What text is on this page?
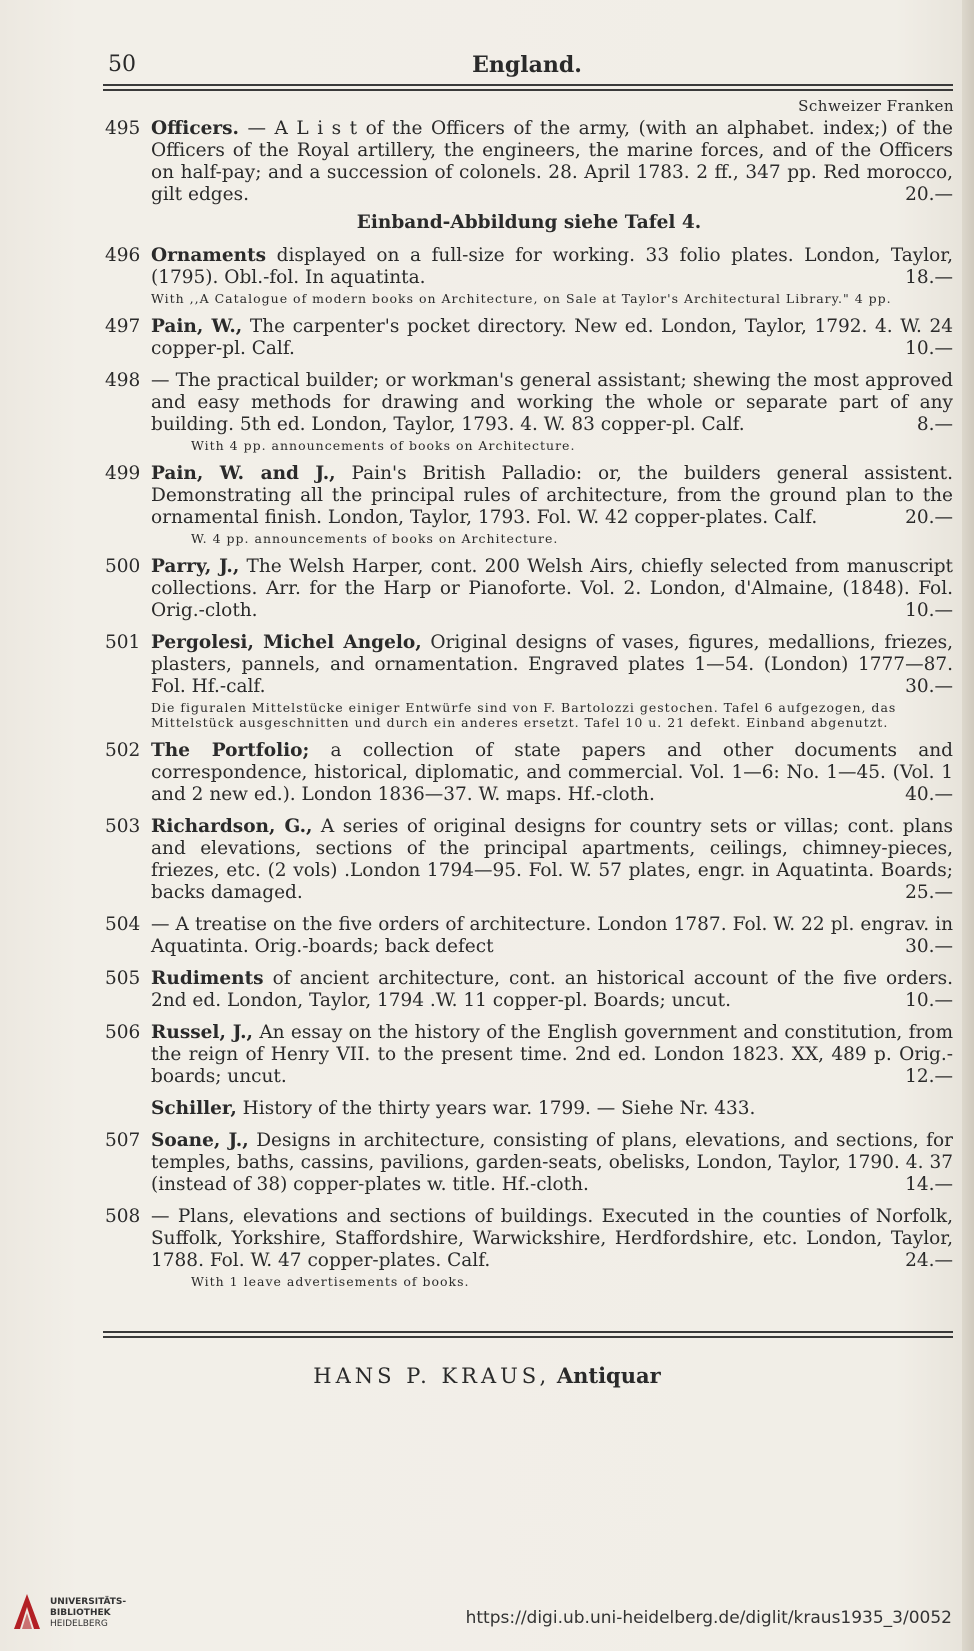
50	England.
Schweizer Franken
495 Officers. — A L i s t of the Officers of the army, (with an alphabet. index;) of the Officers of the Royal artillery, the engineers, the marine forces, and of the Officers on half-pay; and a succession of colonels. 28. April 1783. 2 ff., 347 pp. Red morocco, gilt edges.	20.—
Einband-Abbildung siehe Tafel 4.
496 Ornaments displayed on a full-size for working. 33 folio plates. London, Taylor, (1795). Obl.-fol. In aquatinta.	18.—
With ,,A Catalogue of modern books on Architecture, on Sale at Taylor's Architectural Library." 4 pp.
497 Pain, W., The carpenter's pocket directory. New ed. London, Taylor, 1792. 4. W. 24 copper-pl. Calf.	10.—
498 — The practical builder; or workman's general assistant; shewing the most approved and easy methods for drawing and working the whole or separate part of any building. 5th ed. London, Taylor, 1793. 4. W. 83 copper-pl. Calf.	8.—
With 4 pp. announcements of books on Architecture.
499 Pain, W. and J., Pain's British Palladio: or, the builders general assistent. Demonstrating all the principal rules of architecture, from the ground plan to the ornamental finish. London, Taylor, 1793. Fol. W. 42 copper-plates. Calf.	20.—
W. 4 pp. announcements of books on Architecture.
500 Parry, J., The Welsh Harper, cont. 200 Welsh Airs, chiefly selected from manuscript collections. Arr. for the Harp or Pianoforte. Vol. 2. London, d'Almaine, (1848). Fol. Orig.-cloth.	10.—
501 Pergolesi, Michel Angelo, Original designs of vases, figures, medallions, friezes, plasters, pannels, and ornamentation. Engraved plates 1—54. (London) 1777—87. Fol. Hf.-calf.	30.—
Die figuralen Mittelstücke einiger Entwürfe sind von F. Bartolozzi gestochen. Tafel 6 aufgezogen, das Mittelstück ausgeschnitten und durch ein anderes ersetzt. Tafel 10 u. 21 defekt. Einband abgenutzt.
502 The Portfolio; a collection of state papers and other documents and correspondence, historical, diplomatic, and commercial. Vol. 1—6: No. 1—45. (Vol. 1 and 2 new ed.). London 1836—37. W. maps. Hf.-cloth.	40.—
503 Richardson, G., A series of original designs for country sets or villas; cont. plans and elevations, sections of the principal apartments, ceilings, chimney-pieces, friezes, etc. (2 vols) .London 1794—95. Fol. W. 57 plates, engr. in Aquatinta. Boards; backs damaged.	25.—
504 — A treatise on the five orders of architecture. London 1787. Fol. W. 22 pl. engrav. in Aquatinta. Orig.-boards; back defect	30.—
505 Rudiments of ancient architecture, cont. an historical account of the five orders. 2nd ed. London, Taylor, 1794 .W. 11 copper-pl. Boards; uncut.	10.—
506 Russel, J., An essay on the history of the English government and constitution, from the reign of Henry VII. to the present time. 2nd ed. London 1823. XX, 489 p. Orig.-boards; uncut.	12.—
Schiller, History of the thirty years war. 1799. — Siehe Nr. 433.
507 Soane, J., Designs in architecture, consisting of plans, elevations, and sections, for temples, baths, cassins, pavilions, garden-seats, obelisks, London, Taylor, 1790. 4. 37 (instead of 38) copper-plates w. title. Hf.-cloth.	14.—
508 — Plans, elevations and sections of buildings. Executed in the counties of Norfolk, Suffolk, Yorkshire, Staffordshire, Warwickshire, Herdfordshire, etc. London, Taylor, 1788. Fol. W. 47 copper-plates. Calf.	24.—
With 1 leave advertisements of books.
HANS P. KRAUS, Antiquar
UNIVERSITÄTS-
BIBLIOTHEK
HEIDELBERG	https://digi.ub.uni-heidelberg.de/diglit/kraus1935_3/0052
